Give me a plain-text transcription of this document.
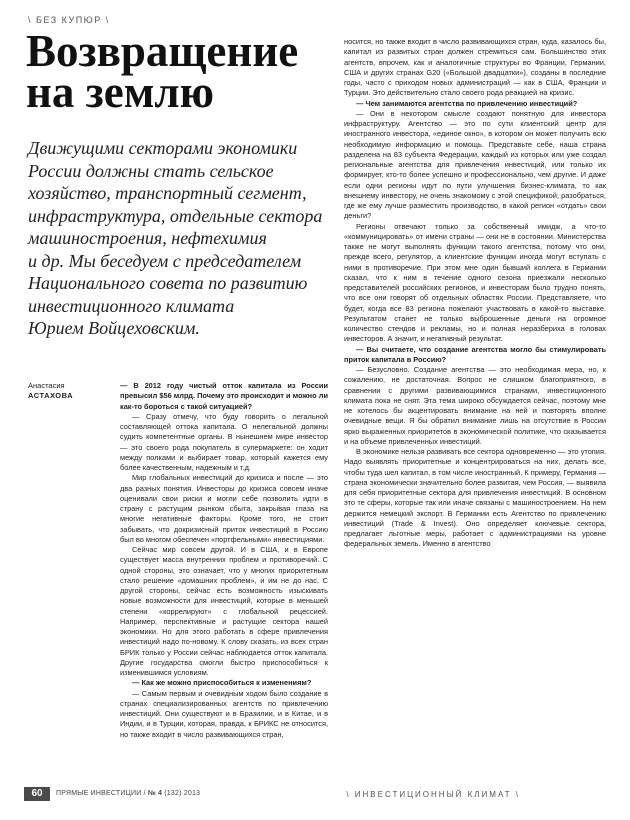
\ БЕЗ КУПЮР \
Возвращение
на землю
Движущими секторами экономики
России должны стать сельское
хозяйство, транспортный сегмент,
инфраструктура, отдельные сектора
машиностроения, нефтехимия
и др. Мы беседуем с председателем
Национального совета по развитию
инвестиционного климата
Юрием Войцеховским.
Анастасия
АСТАХОВА

— В 2012 году чистый отток капитала из России превысил $56 млрд. Почему это происходит и можно ли как-то бороться с такой ситуацией?

— Сразу отмечу, что буду говорить о легальной составляющей оттока капитала. О нелегальной должны судить компетентные органы. В нынешнем мире инвестор — это своего рода покупатель в супермаркете: он ходит между полками и выбирает товар, который кажется ему более качественным, надежным и т.д.

Мир глобальных инвестиций до кризиса и после — это два разных понятия. Инвесторы до кризиса совсем иначе оценивали свои риски и могли себе позволить идти в страну с растущим рынком сбыта, закрывая глаза на многие негативные факторы. Кроме того, не стоит забывать, что докризисный приток инвестиций в Россию был во многом обеспечен «портфельными» инвестициями.

Сейчас мир совсем другой. И в США, и в Европе существует масса внутренних проблем и противоречий. С одной стороны, это означает, что у многих приоритетным стало решение «домашних проблем», и им не до нас. С другой стороны, сейчас есть возможность изыскивать новые возможности для инвестиций, которые в меньшей степени «коррелируют» с глобальной рецессией. Например, перспективные и растущие сектора нашей экономики. Но для этого работать в сфере привлечения инвестиций надо по-новому. К слову сказать, из всех стран БРИК только у России сейчас наблюдается отток капитала. Другие государства смогли быстро приспособиться к изменившимся условиям.

— Как же можно приспособиться к изменениям?

— Самым первым и очевидным ходом было создание в странах специализированных агентств по привлечению инвестиций. Они существуют и в Бразилии, и в Китае, и в Индии, и в Турции, которая, правда, к БРИКС не относится, но также входит в число развивающихся стран,

носится, но также входит в число развивающихся стран, куда, казалось бы, капитал из развитых стран должен стремиться сам. Большинство этих агентств, впрочем, как и аналогичные структуры во Франции, Германии, США и других странах G20 («Большой двадцатки»), созданы в последние годы, часто с приходом новых администраций — как в США, Франции и Турции. Это действительно стало своего рода реакцией на кризис.

— Чем занимаются агентства по привлечению инвестиций?

— Они в некотором смысле создают понятную для инвестора инфраструктуру. Агентство — это по сути клиентский центр для иностранного инвестора, «единое окно», в котором он может получить всю необходимую информацию и помощь. Представьте себе, наша страна разделена на 83 субъекта Федерации, каждый из которых или уже создал региональные агентства для привлечения инвестиций, или только их формирует, кто-то более успешно и профессионально, чем другие. И даже если одни регионы идут по пути улучшения бизнес-климата, то как внешнему инвестору, не очень знакомому с этой спецификой, разобраться, где же ему лучше разместить производство, в какой регион «отдать» свои деньги?

Регионы отвечают только за собственный имидж, а что-то «коммуницировать» от имени страны — они не в состоянии. Министерства также не могут выполнять функции такого агентства, потому что они, прежде всего, регулятор, а клиентские функции иногда могут вступать с ними в противоречие. При этом мне один бывший коллега в Германии сказал, что к ним в течение одного сезона приезжали несколько представителей российских регионов, и инвесторам было трудно понять, что все они говорят об отдельных областях России. Представляете, что будет, когда все 83 региона пожелают участвовать в какой-то выставке. Результатом станет не только выброшенные деньги на огромное количество стендов и рекламы, но и полная неразбериха в головах инвесторов. А значит, и негативный результат.

— Вы считаете, что создание агентства могло бы стимулировать приток капитала в Россию?

— Безусловно. Создание агентства — это необходимая мера, но, к сожалению, не достаточная. Вопрос не слишком благоприятного, в сравнении с другими развивающимися странами, инвестиционного климата пока не снят. Эта тема широко обсуждается сейчас, поэтому мне не хотелось бы акцентировать внимание на ней и повторять вполне очевидные вещи. Я бы обратил внимание лишь на отсутствие в России ярко выраженных приоритетов в экономической политике, что сказывается и на объеме привлеченных инвестиций.

В экономике нельзя развивать все сектора одновременно — это утопия. Надо выявлять приоритетные и концентрироваться на них, делать все, чтобы туда шел капитал, в том числе иностранный. К примеру, Германия — страна экономически значительно более развитая, чем Россия, — выявила для себя приоритетные сектора для привлечения инвестиций. В основном это те сферы, которые так или иначе связаны с машиностроением. На нем держится немецкий экспорт. В Германии есть Агентство по привлечению инвестиций (Trade & Invest). Оно определяет ключевые сектора, предлагает льготные меры, работает с администрациями на уровне федеральных земель. Именно в агентство

60	ПРЯМЫЕ ИНВЕСТИЦИИ / № 4 (132) 2013	\ ИНВЕСТИЦИОННЫЙ КЛИМАТ \
